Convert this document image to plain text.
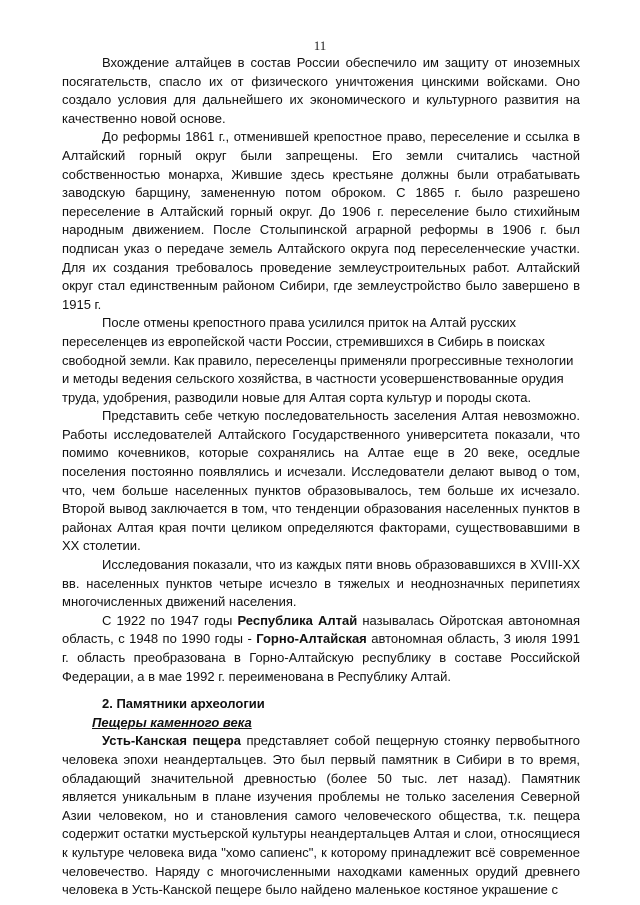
11

Вхождение алтайцев в состав России обеспечило им защиту от иноземных посягательств, спасло их от физического уничтожения цинскими войсками. Оно создало условия для дальнейшего их экономического и культурного развития на качественно новой основе.

До реформы 1861 г., отменившей крепостное право, переселение и ссылка в Алтайский горный округ были запрещены. Его земли считались частной собственностью монарха, Жившие здесь крестьяне должны были отрабатывать заводскую барщину, замененную потом оброком. С 1865 г. было разрешено переселение в Алтайский горный округ. До 1906 г. переселение было стихийным народным движением. После Столыпинской аграрной реформы в 1906 г. был подписан указ о передаче земель Алтайского округа под переселенческие участки. Для их создания требовалось проведение землеустроительных работ. Алтайский округ стал единственным районом Сибири, где землеустройство было завершено в 1915 г.

После отмены крепостного права усилился приток на Алтай русских переселенцев из европейской части России, стремившихся в Сибирь в поисках свободной земли. Как правило, переселенцы применяли прогрессивные технологии и методы ведения сельского хозяйства, в частности усовершенствованные орудия труда, удобрения, разводили новые для Алтая сорта культур и породы скота.

Представить себе четкую последовательность заселения Алтая невозможно. Работы исследователей Алтайского Государственного университета показали, что помимо кочевников, которые сохранялись на Алтае еще в 20 веке, оседлые поселения постоянно появлялись и исчезали. Исследователи делают вывод о том, что, чем больше населенных пунктов образовывалось, тем больше их исчезало. Второй вывод заключается в том, что тенденции образования населенных пунктов в районах Алтая края почти целиком определяются факторами, существовавшими в XX столетии.

Исследования показали, что из каждых пяти вновь образовавшихся в XVIII-XX вв. населенных пунктов четыре исчезло в тяжелых и неоднозначных перипетиях многочисленных движений населения.

С 1922 по 1947 годы Республика Алтай называлась Ойротская автономная область, с 1948 по 1990 годы - Горно-Алтайская автономная область, 3 июля 1991 г. область преобразована в Горно-Алтайскую республику в составе Российской Федерации, а в мае 1992 г. переименована в Республику Алтай.

2. Памятники археологии
Пещеры каменного века

Усть-Канская пещера представляет собой пещерную стоянку первобытного человека эпохи неандертальцев. Это был первый памятник в Сибири в то время, обладающий значительной древностью (более 50 тыс. лет назад). Памятник является уникальным в плане изучения проблемы не только заселения Северной Азии человеком, но и становления самого человеческого общества, т.к. пещера содержит остатки мустьерской культуры неандертальцев Алтая и слои, относящиеся к культуре человека вида "хомо сапиенс", к которому принадлежит всё современное человечество. Наряду с многочисленными находками каменных орудий древнего человека в Усть-Канской пещере было найдено маленькое костяное украшение с
